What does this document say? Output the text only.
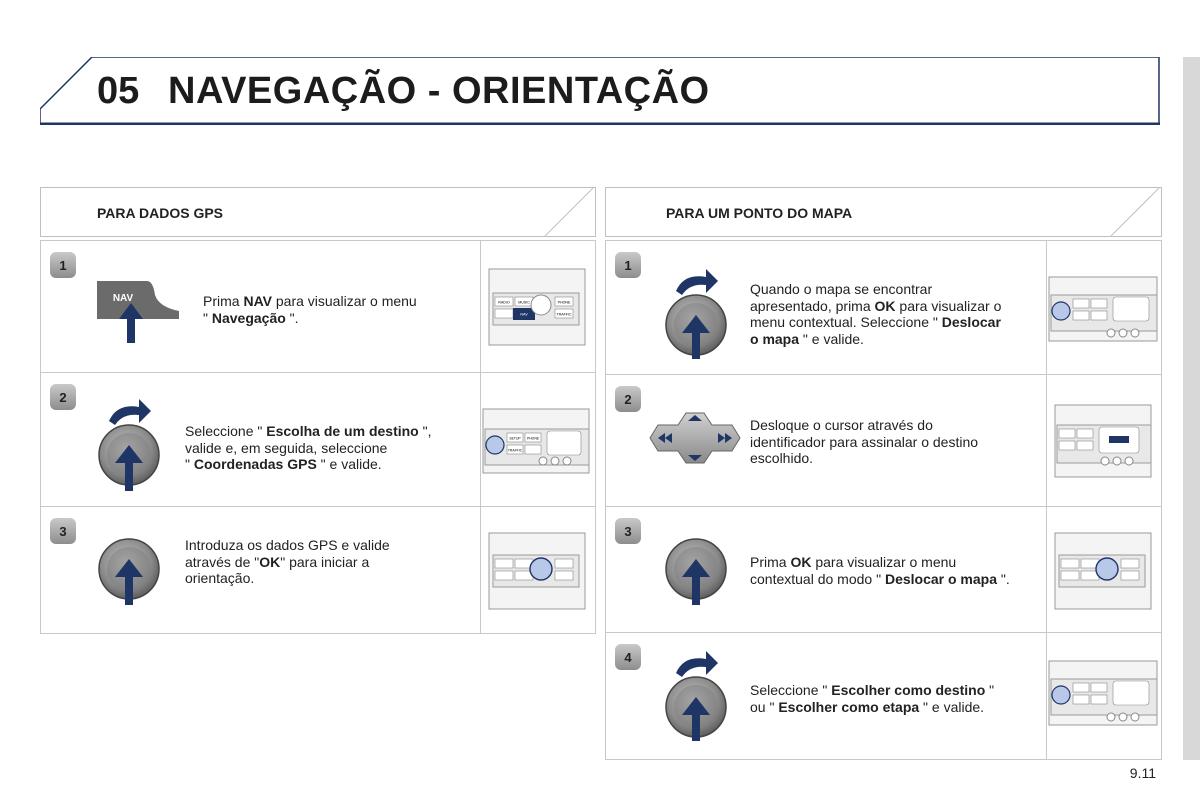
05 NAVEGAÇÃO - ORIENTAÇÃO
PARA DADOS GPS	PARA UM PONTO DO MAPA
1
NAV	Prima NAV para visualizar o menu
" Navegação ".
RADIO MUSIC	PHONE
NAV	TRAFFIC
2
Seleccione " Escolha de um destino ",
valide e, em seguida, seleccione
" Coordenadas GPS " e valide.
SETUP PHONE
TRAFFIC
3
Introduza os dados GPS e valide
através de "OK" para iniciar a
orientação.
1
Quando o mapa se encontrar
apresentado, prima OK para visualizar o
menu contextual. Seleccione " Deslocar
o mapa " e valide.
2
Desloque o cursor através do
identificador para assinalar o destino
escolhido.
3
Prima OK para visualizar o menu
contextual do modo " Deslocar o mapa ".
4
Seleccione " Escolher como destino "
ou " Escolher como etapa " e valide.
9.11
